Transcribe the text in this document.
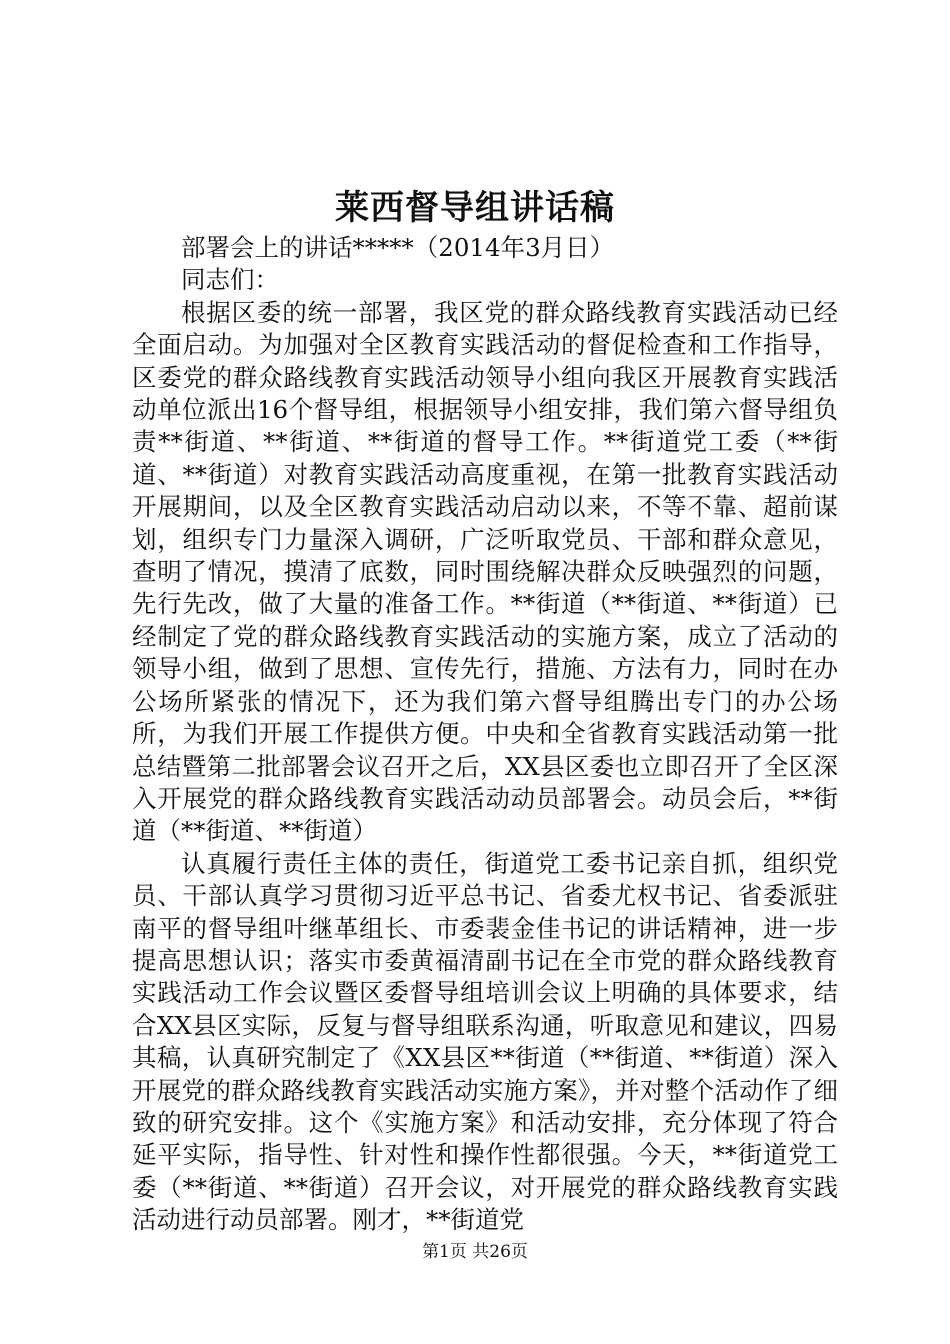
莱西督导组讲话稿

部署会上的讲话*****（2014年3月日）

同志们：

根据区委的统一部署，我区党的群众路线教育实践活动已经全面启动。为加强对全区教育实践活动的督促检查和工作指导，区委党的群众路线教育实践活动领导小组向我区开展教育实践活动单位派出16个督导组，根据领导小组安排，我们第六督导组负责**街道、**街道、**街道的督导工作。**街道党工委（**街道、**街道）对教育实践活动高度重视，在第一批教育实践活动开展期间，以及全区教育实践活动启动以来，不等不靠、超前谋划，组织专门力量深入调研，广泛听取党员、干部和群众意见，查明了情况，摸清了底数，同时围绕解决群众反映强烈的问题，先行先改，做了大量的准备工作。**街道（**街道、**街道）已经制定了党的群众路线教育实践活动的实施方案，成立了活动的领导小组，做到了思想、宣传先行，措施、方法有力，同时在办公场所紧张的情况下，还为我们第六督导组腾出专门的办公场所，为我们开展工作提供方便。中央和全省教育实践活动第一批总结暨第二批部署会议召开之后，XX县区委也立即召开了全区深入开展党的群众路线教育实践活动动员部署会。动员会后，**街道（**街道、**街道）

认真履行责任主体的责任，街道党工委书记亲自抓，组织党员、干部认真学习贯彻习近平总书记、省委尤权书记、省委派驻南平的督导组叶继革组长、市委裴金佳书记的讲话精神，进一步提高思想认识；落实市委黄福清副书记在全市党的群众路线教育实践活动工作会议暨区委督导组培训会议上明确的具体要求，结合XX县区实际，反复与督导组联系沟通，听取意见和建议，四易其稿，认真研究制定了《XX县区**街道（**街道、**街道）深入开展党的群众路线教育实践活动实施方案》，并对整个活动作了细致的研究安排。这个《实施方案》和活动安排，充分体现了符合延平实际，指导性、针对性和操作性都很强。今天，**街道党工委（**街道、**街道）召开会议，对开展党的群众路线教育实践活动进行动员部署。刚才，**街道党

第1页 共26页
